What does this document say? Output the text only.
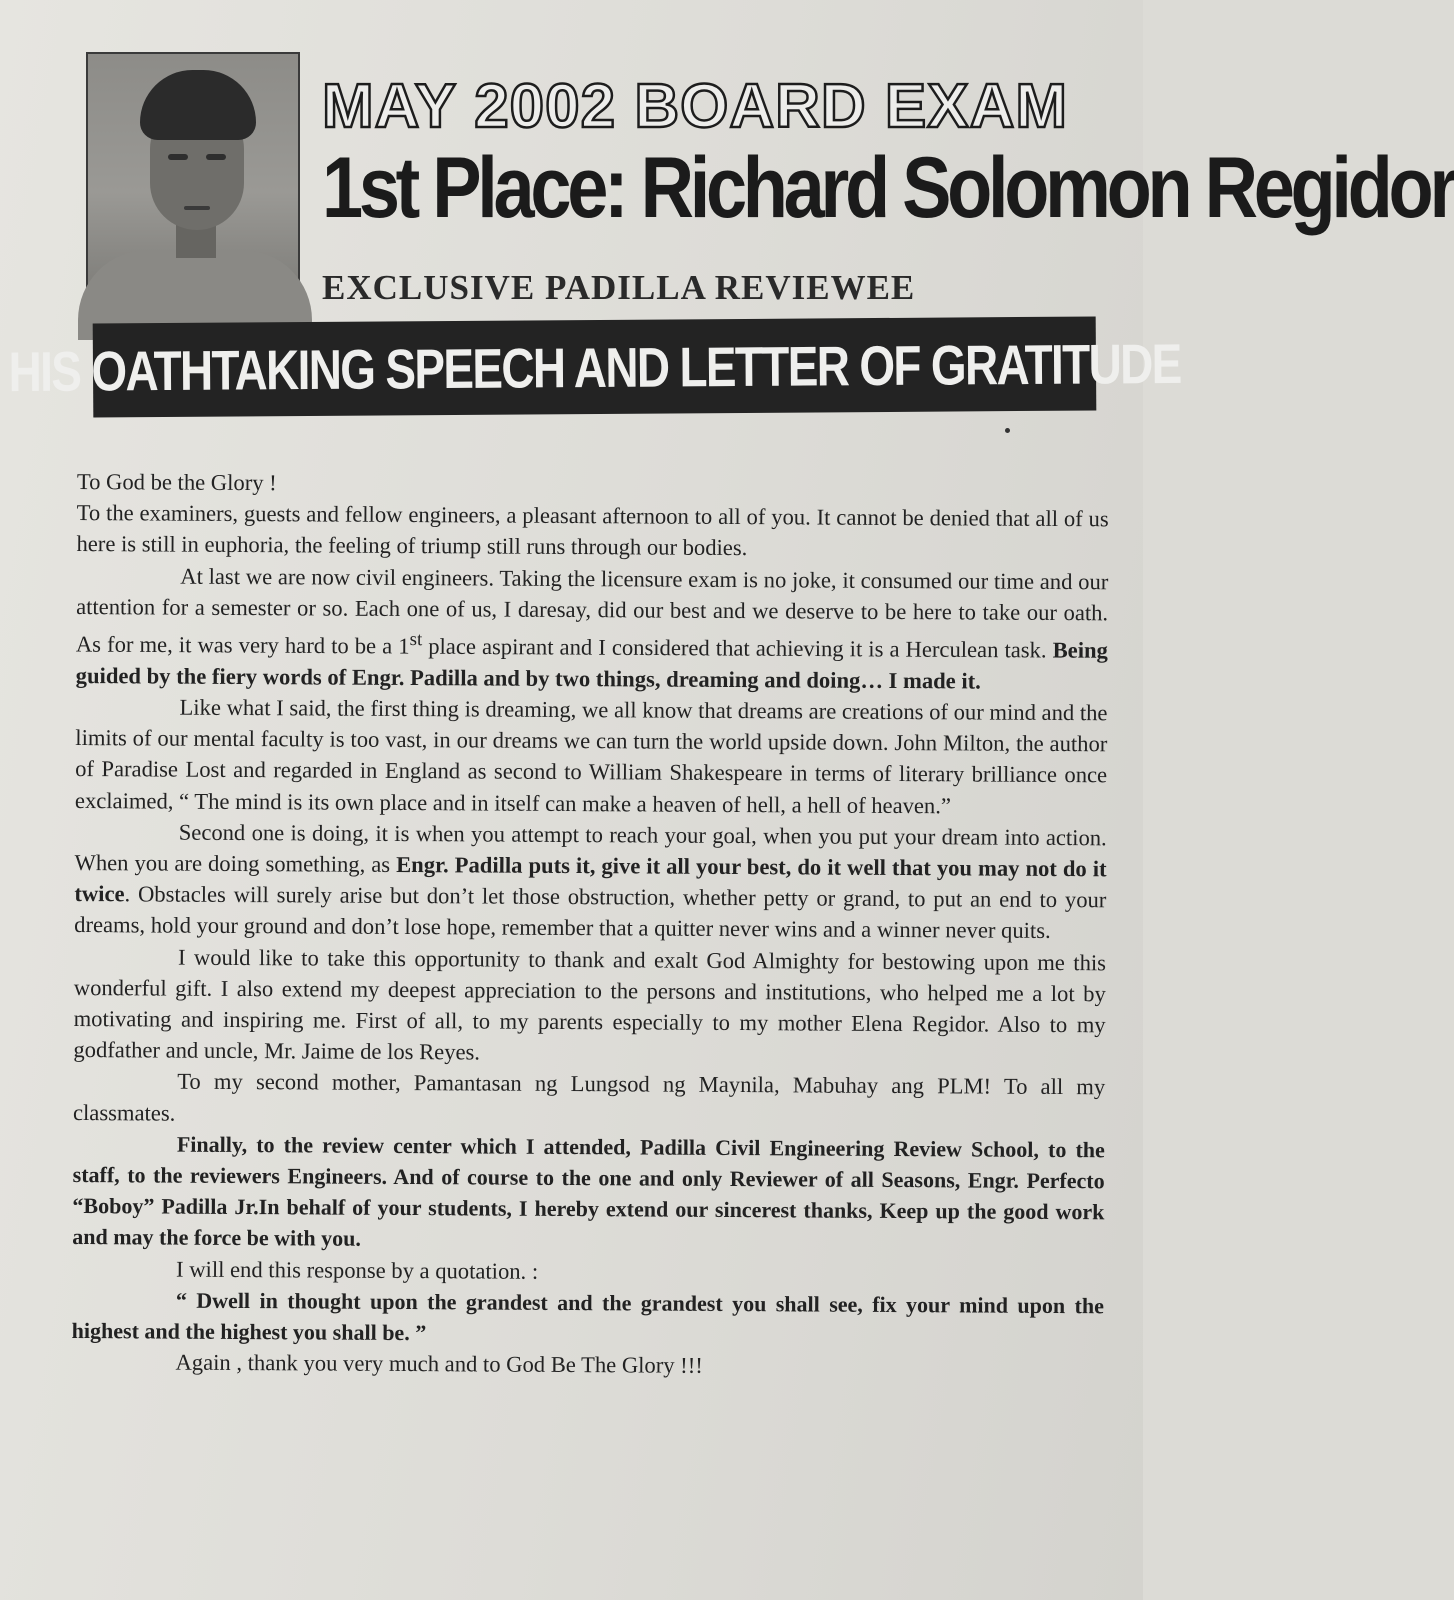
MAY 2002 BOARD EXAM
1st Place: Richard Solomon Regidor
EXCLUSIVE PADILLA REVIEWEE
HIS OATHTAKING SPEECH AND LETTER OF GRATITUDE

To God be the Glory !

To the examiners, guests and fellow engineers, a pleasant afternoon to all of you. It cannot be denied that all of us here is still in euphoria, the feeling of triump still runs through our bodies.

At last we are now civil engineers. Taking the licensure exam is no joke, it consumed our time and our attention for a semester or so. Each one of us, I daresay, did our best and we deserve to be here to take our oath. As for me, it was very hard to be a 1st place aspirant and I considered that achieving it is a Herculean task. Being guided by the fiery words of Engr. Padilla and by two things, dreaming and doing… I made it.

Like what I said, the first thing is dreaming, we all know that dreams are creations of our mind and the limits of our mental faculty is too vast, in our dreams we can turn the world upside down. John Milton, the author of Paradise Lost and regarded in England as second to William Shakespeare in terms of literary brilliance once exclaimed, “ The mind is its own place and in itself can make a heaven of hell, a hell of heaven.”

Second one is doing, it is when you attempt to reach your goal, when you put your dream into action. When you are doing something, as Engr. Padilla puts it, give it all your best, do it well that you may not do it twice. Obstacles will surely arise but don’t let those obstruction, whether petty or grand, to put an end to your dreams, hold your ground and don’t lose hope, remember that a quitter never wins and a winner never quits.

I would like to take this opportunity to thank and exalt God Almighty for bestowing upon me this wonderful gift. I also extend my deepest appreciation to the persons and institutions, who helped me a lot by motivating and inspiring me. First of all, to my parents especially to my mother Elena Regidor. Also to my godfather and uncle, Mr. Jaime de los Reyes.

To my second mother, Pamantasan ng Lungsod ng Maynila, Mabuhay ang PLM! To all my classmates.

Finally, to the review center which I attended, Padilla Civil Engineering Review School, to the staff, to the reviewers Engineers. And of course to the one and only Reviewer of all Seasons, Engr. Perfecto “Boboy” Padilla Jr.In behalf of your students, I hereby extend our sincerest thanks, Keep up the good work and may the force be with you.

I will end this response by a quotation. :

“ Dwell in thought upon the grandest and the grandest you shall see, fix your mind upon the highest and the highest you shall be. ”

Again , thank you very much and to God Be The Glory !!!
